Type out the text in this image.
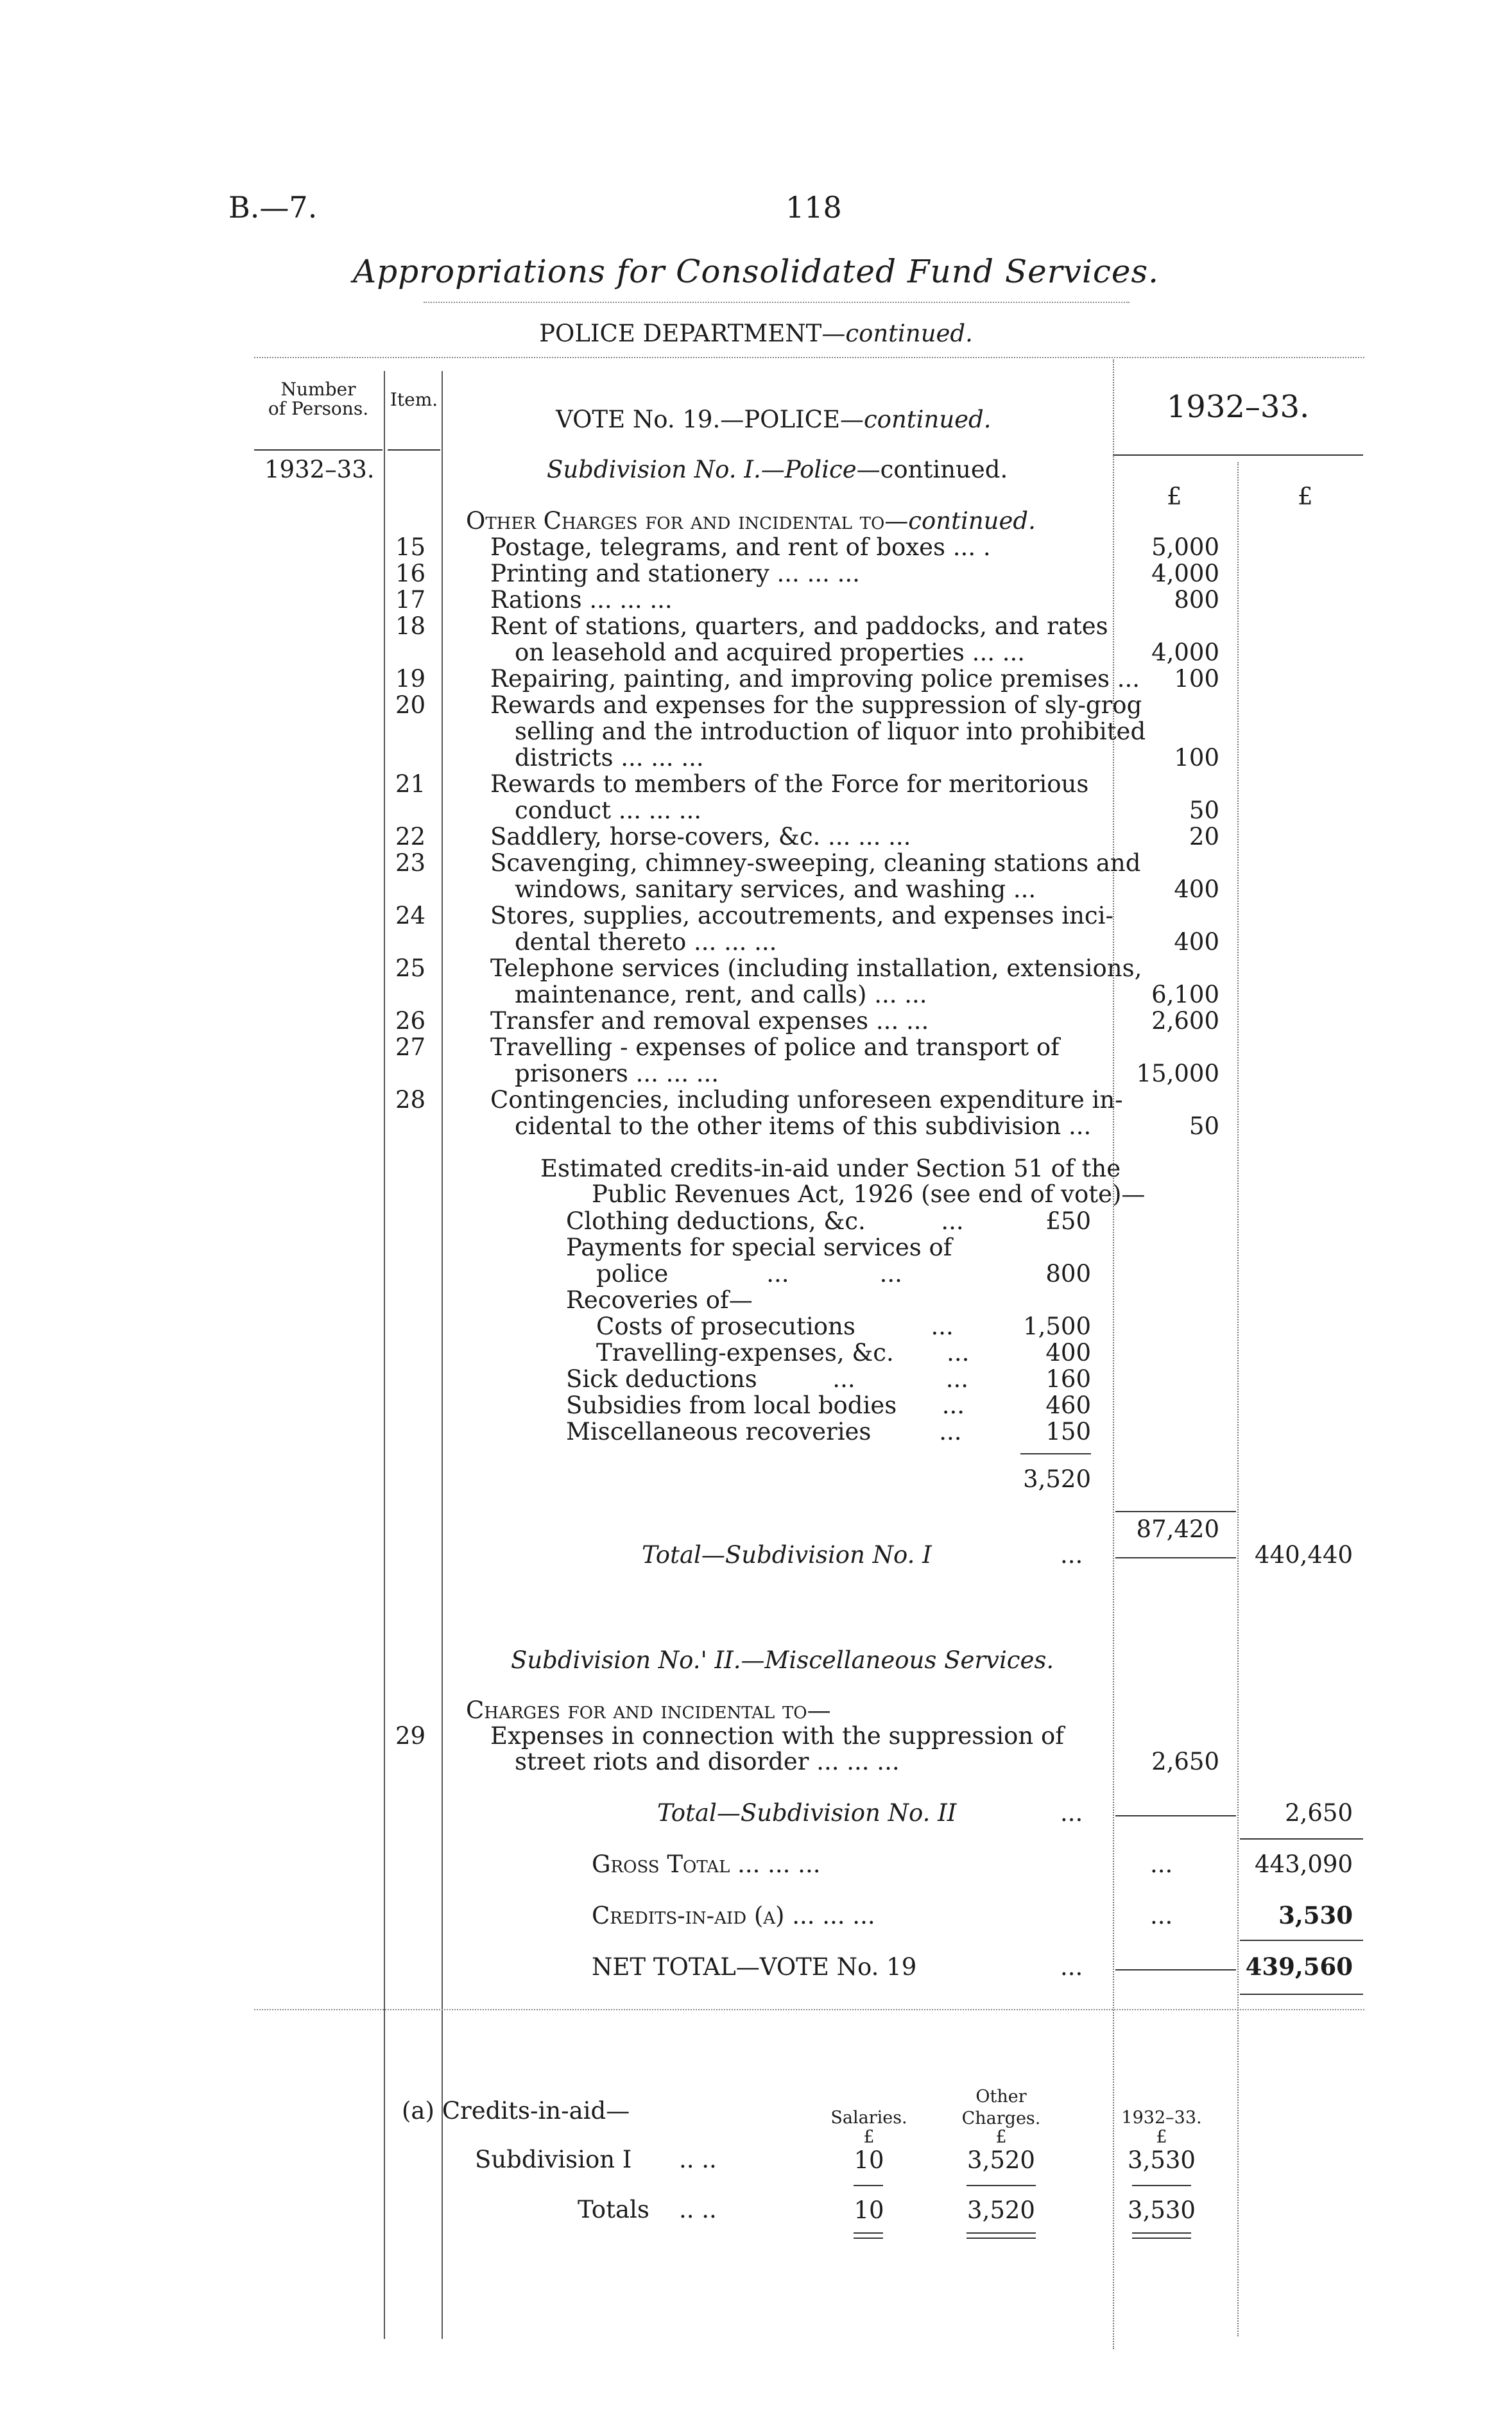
B.—7.	118
Appropriations for Consolidated Fund Services.
POLICE DEPARTMENT—continued.
Number
of Persons.	Item.
VOTE No. 19.—POLICE—continued.	1932–33.
1932–33.	Subdivision No. I.—Police—continued.
£	£
Other Charges for and incidental to—continued.
15	Postage, telegrams, and rent of boxes ... .	5,000
16	Printing and stationery ... ... ...	4,000
17	Rations ... ... ...	800
18	Rent of stations, quarters, and paddocks, and rates
on leasehold and acquired properties ... ...	4,000
19	Repairing, painting, and improving police premises ...	100
20	Rewards and expenses for the suppression of sly-grog
selling and the introduction of liquor into prohibited
districts ... ... ...	100
21	Rewards to members of the Force for meritorious
conduct ... ... ...	50
22	Saddlery, horse-covers, &c. ... ... ...	20
23	Scavenging, chimney-sweeping, cleaning stations and
windows, sanitary services, and washing ...	400
24	Stores, supplies, accoutrements, and expenses inci-
dental thereto ... ... ...	400
25	Telephone services (including installation, extensions,
maintenance, rent, and calls) ... ...	6,100
26	Transfer and removal expenses ... ...	2,600
27	Travelling - expenses of police and transport of
prisoners ... ... ...	15,000
28	Contingencies, including unforeseen expenditure in-
cidental to the other items of this subdivision ...	50
Estimated credits-in-aid under Section 51 of the
Public Revenues Act, 1926 (see end of vote)—
Clothing deductions, &c.          ...	£50
Payments for special services of
police             ...            ...	800
Recoveries of—
Costs of prosecutions          ...	1,500
Travelling-expenses, &c.       ...	400
Sick deductions          ...            ...	160
Subsidies from local bodies      ...	460
Miscellaneous recoveries         ...	150
3,520
87,420
Total—Subdivision No. I	...	440,440
Subdivision No.' II.—Miscellaneous Services.
Charges for and incidental to—
29	Expenses in connection with the suppression of
street riots and disorder ... ... ...	2,650
Total—Subdivision No. II	...	2,650
Gross Total ... ... ...	...	443,090
Credits-in-aid (a) ... ... ...	...	3,530
NET TOTAL—VOTE No. 19	...	439,560
(a) Credits-in-aid—	Salaries.
Other
Charges.	1932–33.
£	£	£
Subdivision I .. ..	10	3,520	3,530
Totals .. ..	10	3,520	3,530
